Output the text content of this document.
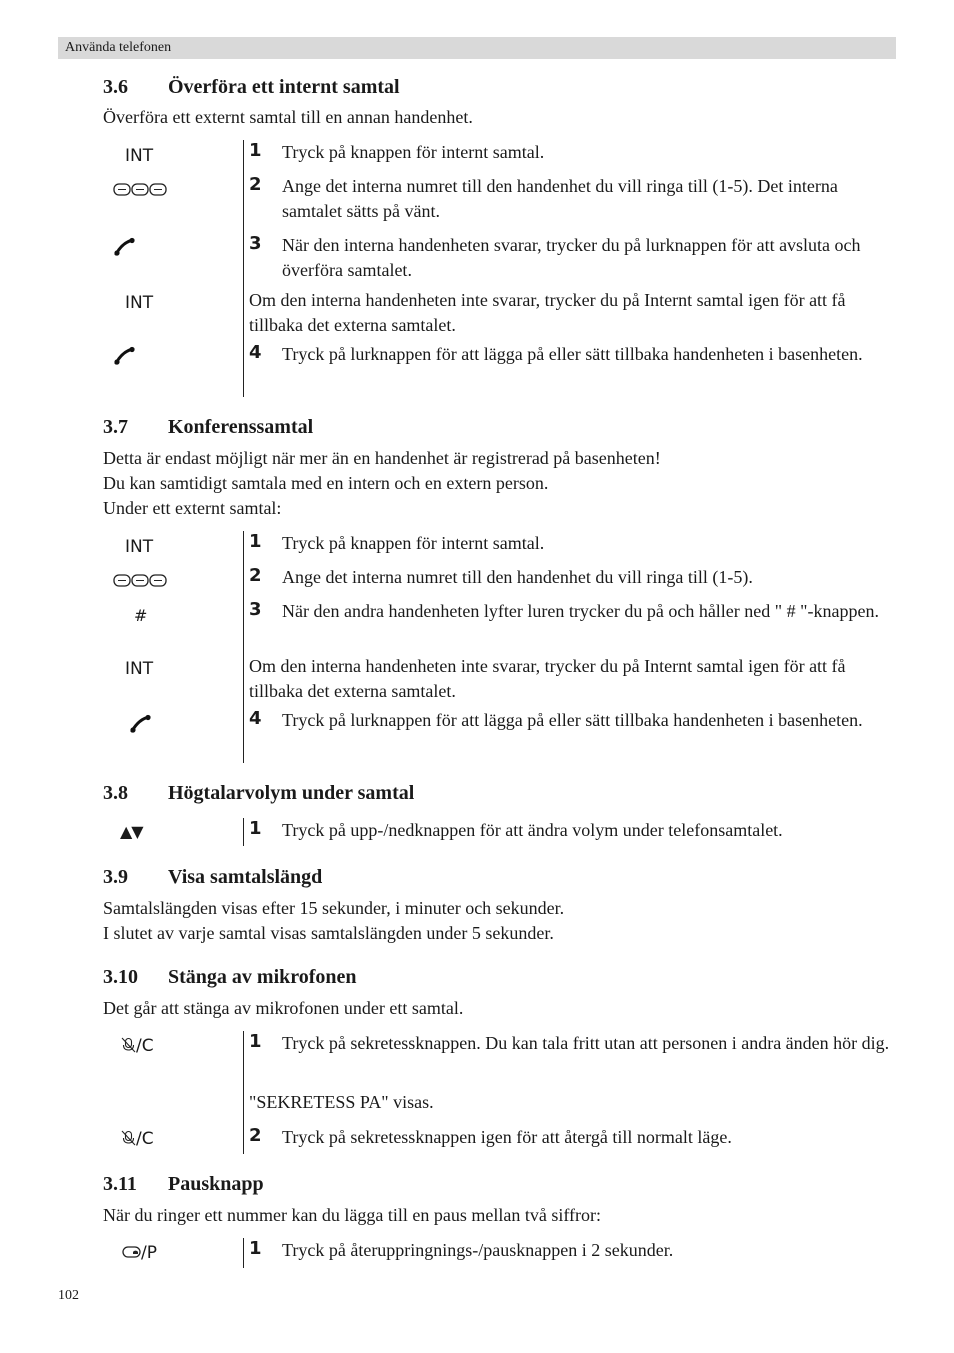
Använda telefonen
3.6 Överföra ett internt samtal
Överföra ett externt samtal till en annan handenhet.
INT
INT
1 Tryck på knappen för internt samtal.
2 Ange det interna numret till den handenhet du vill ringa till (1-5). Det interna samtalet sätts på vänt.
3 När den interna handenheten svarar, trycker du på lurknappen för att avsluta och överföra samtalet.
Om den interna handenheten inte svarar, trycker du på Internt samtal igen för att få tillbaka det externa samtalet.
4 Tryck på lurknappen för att lägga på eller sätt tillbaka handenheten i basenheten.
3.7 Konferenssamtal
Detta är endast möjligt när mer än en handenhet är registrerad på basenheten!
Du kan samtidigt samtala med en intern och en extern person.
Under ett externt samtal:
INT
#
INT
1 Tryck på knappen för internt samtal.
2 Ange det interna numret till den handenhet du vill ringa till (1-5).
3 När den andra handenheten lyfter luren trycker du på och håller ned " # "-knappen.
Om den interna handenheten inte svarar, trycker du på Internt samtal igen för att få tillbaka det externa samtalet.
4 Tryck på lurknappen för att lägga på eller sätt tillbaka handenheten i basenheten.
3.8 Högtalarvolym under samtal
▲▼	1 Tryck på upp-/nedknappen för att ändra volym under telefonsamtalet.
3.9 Visa samtalslängd
Samtalslängden visas efter 15 sekunder, i minuter och sekunder.
I slutet av varje samtal visas samtalslängden under 5 sekunder.
3.10 Stänga av mikrofonen
Det går att stänga av mikrofonen under ett samtal.
/C
/C
1 Tryck på sekretessknappen. Du kan tala fritt utan att personen i andra änden hör dig.
"SEKRETESS PA" visas.
2 Tryck på sekretessknappen igen för att återgå till normalt läge.
3.11 Pausknapp
När du ringer ett nummer kan du lägga till en paus mellan två siffror:
/P	1 Tryck på återuppringnings-/pausknappen i 2 sekunder.
102
